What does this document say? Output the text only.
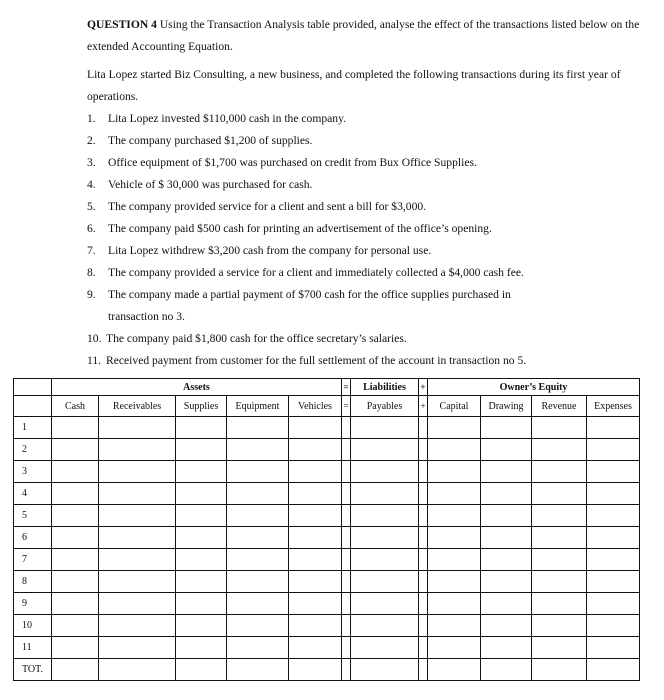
QUESTION 4 Using the Transaction Analysis table provided, analyse the effect of the transactions listed below on the extended Accounting Equation.

Lita Lopez started Biz Consulting, a new business, and completed the following transactions during its first year of operations.

1.	Lita Lopez invested $110,000 cash in the company.
2.	The company purchased $1,200 of supplies.
3.	Office equipment of $1,700 was purchased on credit from Bux Office Supplies.
4.	Vehicle of $ 30,000 was purchased for cash.
5.	The company provided service for a client and sent a bill for $3,000.
6.	The company paid $500 cash for printing an advertisement of the office’s opening.
7.	Lita Lopez withdrew $3,200 cash from the company for personal use.
8.	The company provided a service for a client and immediately collected a $4,000 cash fee.
9.	The company made a partial payment of $700 cash for the office supplies purchased in
transaction no 3.
10. The company paid $1,800 cash for the office secretary’s salaries.
11. Received payment from customer for the full settlement of the account in transaction no 5.
	Assets					=	Liabilities	+	Owner’s Equity			
	Cash	Receivables	Supplies	Equipment	Vehicles	=	Payables	+	Capital	Drawing	Revenue	Expenses
1												
2												
3												
4												
5												
6												
7												
8												
9												
10												
11												
TOT.												
